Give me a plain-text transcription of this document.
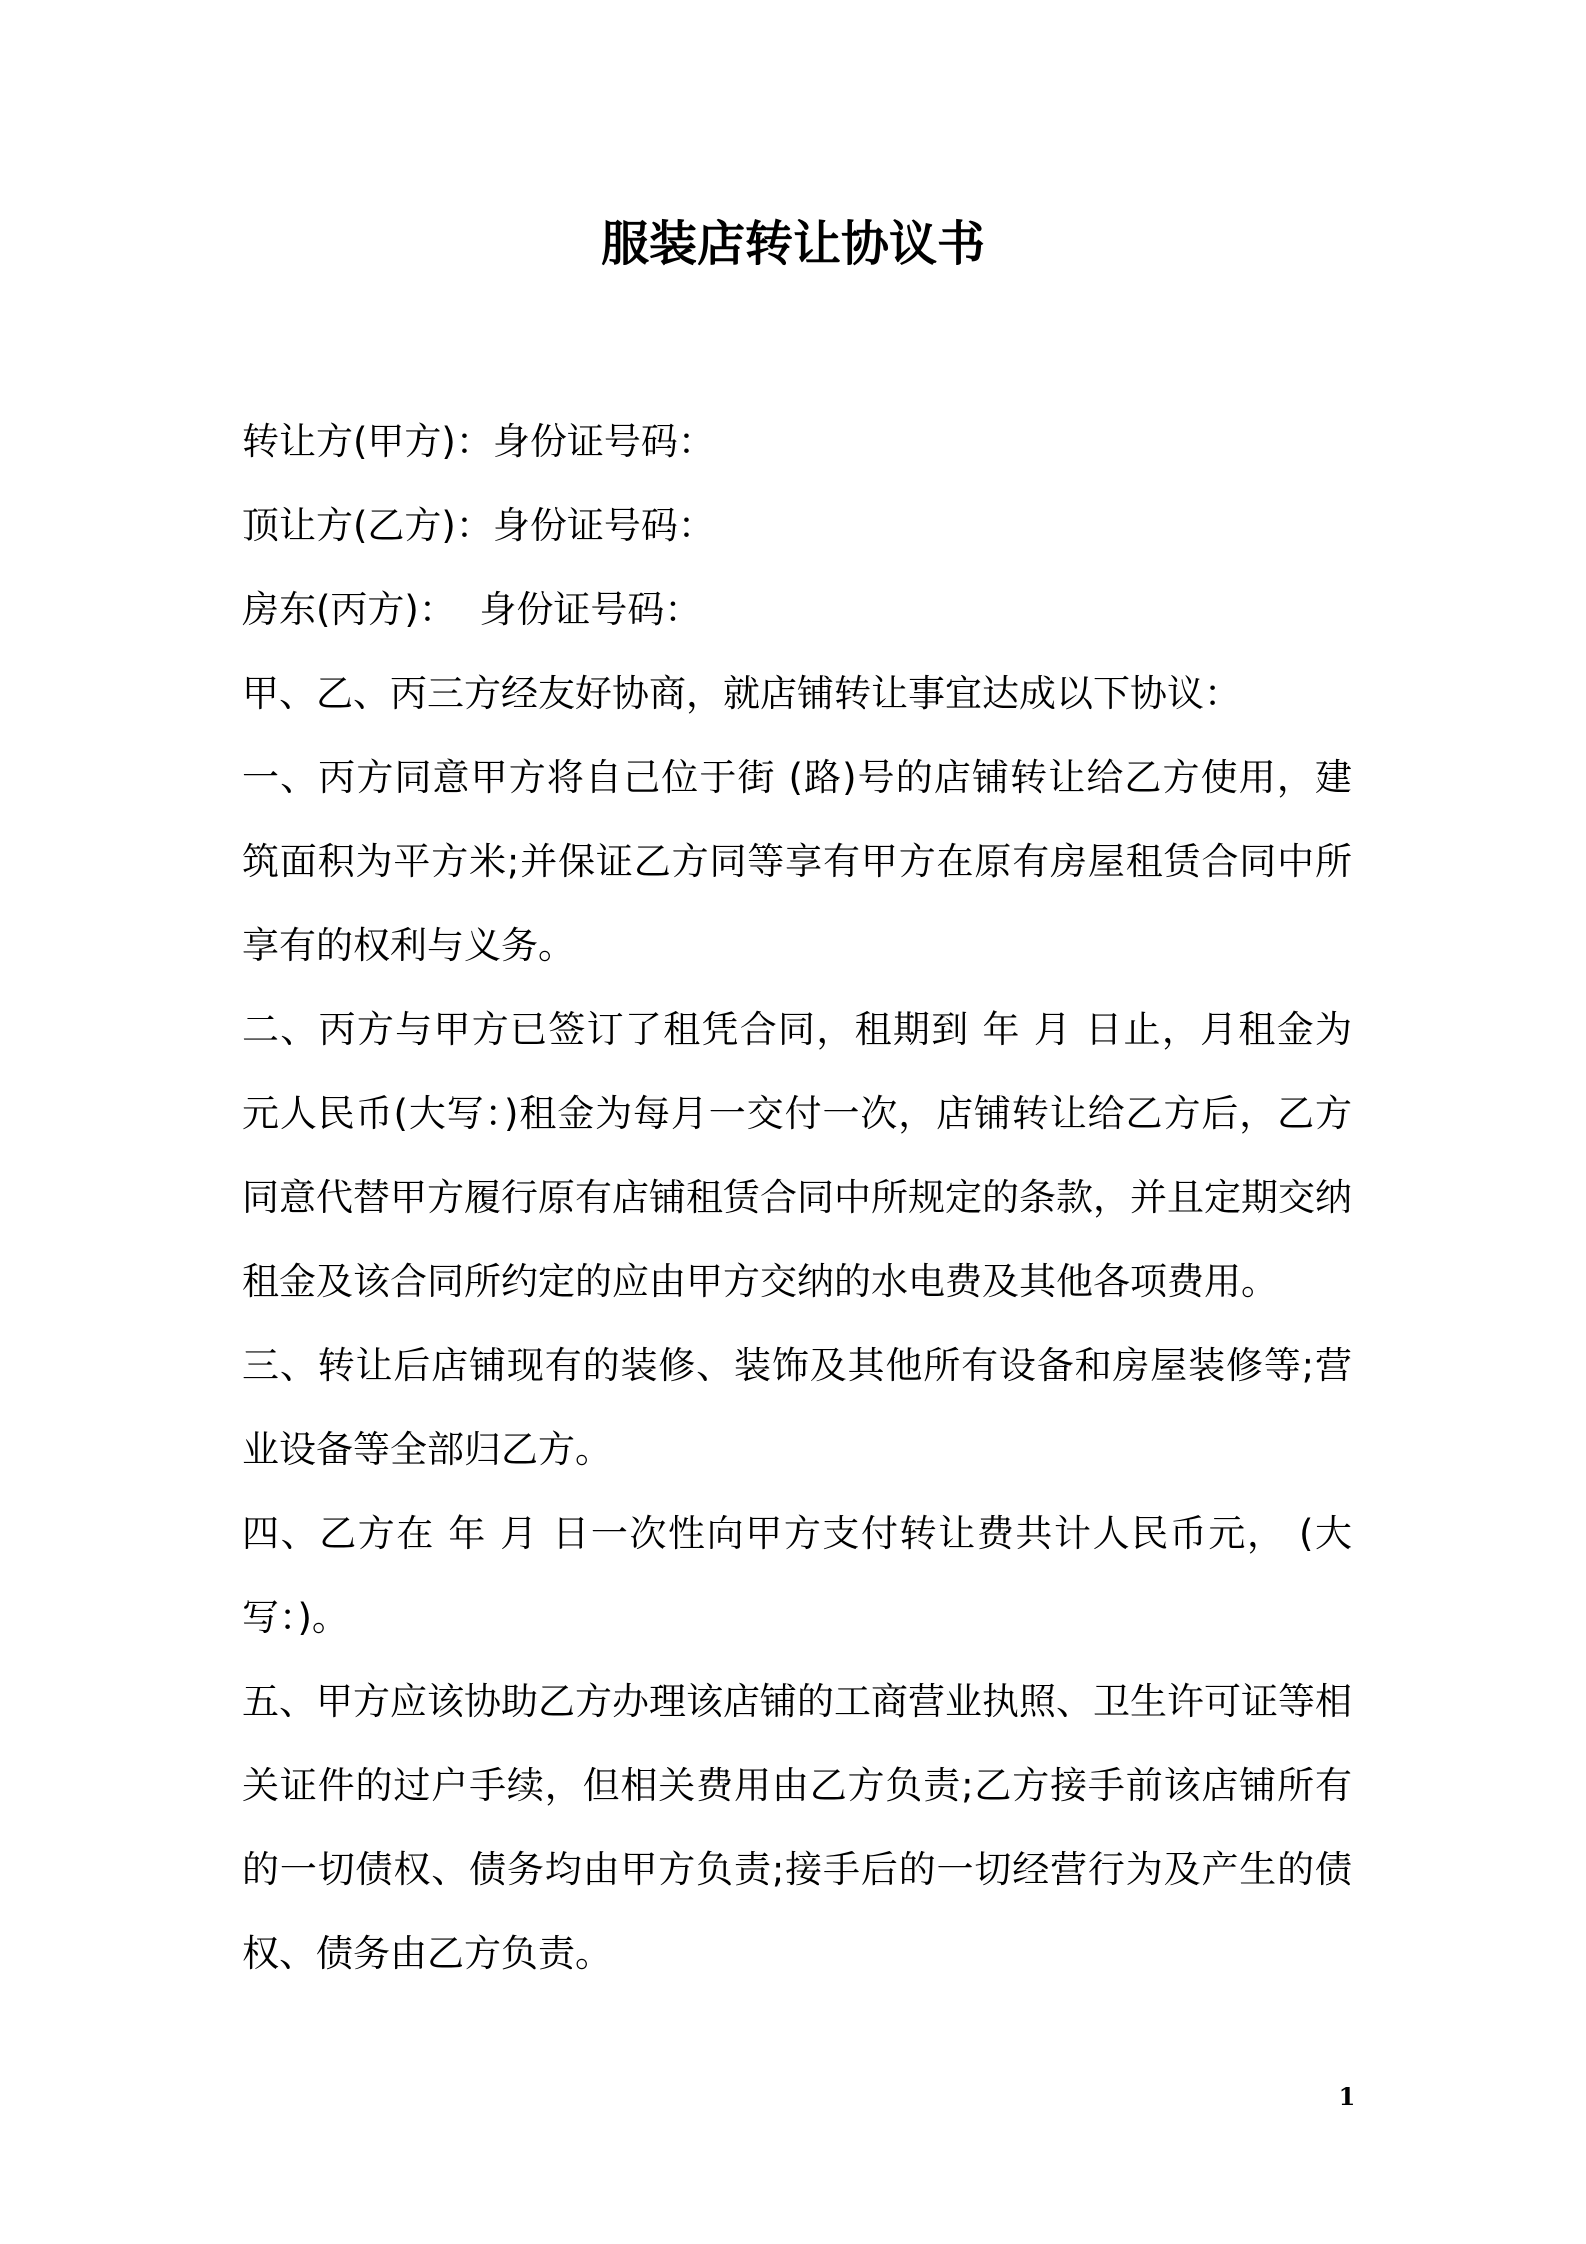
服装店转让协议书

转让方(甲方)：身份证号码：

顶让方(乙方)：身份证号码：

房东(丙方)：  身份证号码：

甲、乙、丙三方经友好协商，就店铺转让事宜达成以下协议：

一、丙方同意甲方将自己位于街 (路)号的店铺转让给乙方使用，建筑面积为平方米;并保证乙方同等享有甲方在原有房屋租赁合同中所享有的权利与义务。

二、丙方与甲方已签订了租凭合同，租期到 年 月 日止，月租金为 元人民币(大写：)租金为每月一交付一次，店铺转让给乙方后，乙方同意代替甲方履行原有店铺租赁合同中所规定的条款，并且定期交纳租金及该合同所约定的应由甲方交纳的水电费及其他各项费用。

三、转让后店铺现有的装修、装饰及其他所有设备和房屋装修等;营业设备等全部归乙方。

四、乙方在 年 月 日一次性向甲方支付转让费共计人民币元， (大写：)。

五、甲方应该协助乙方办理该店铺的工商营业执照、卫生许可证等相关证件的过户手续，但相关费用由乙方负责;乙方接手前该店铺所有的一切债权、债务均由甲方负责;接手后的一切经营行为及产生的债权、债务由乙方负责。

1
